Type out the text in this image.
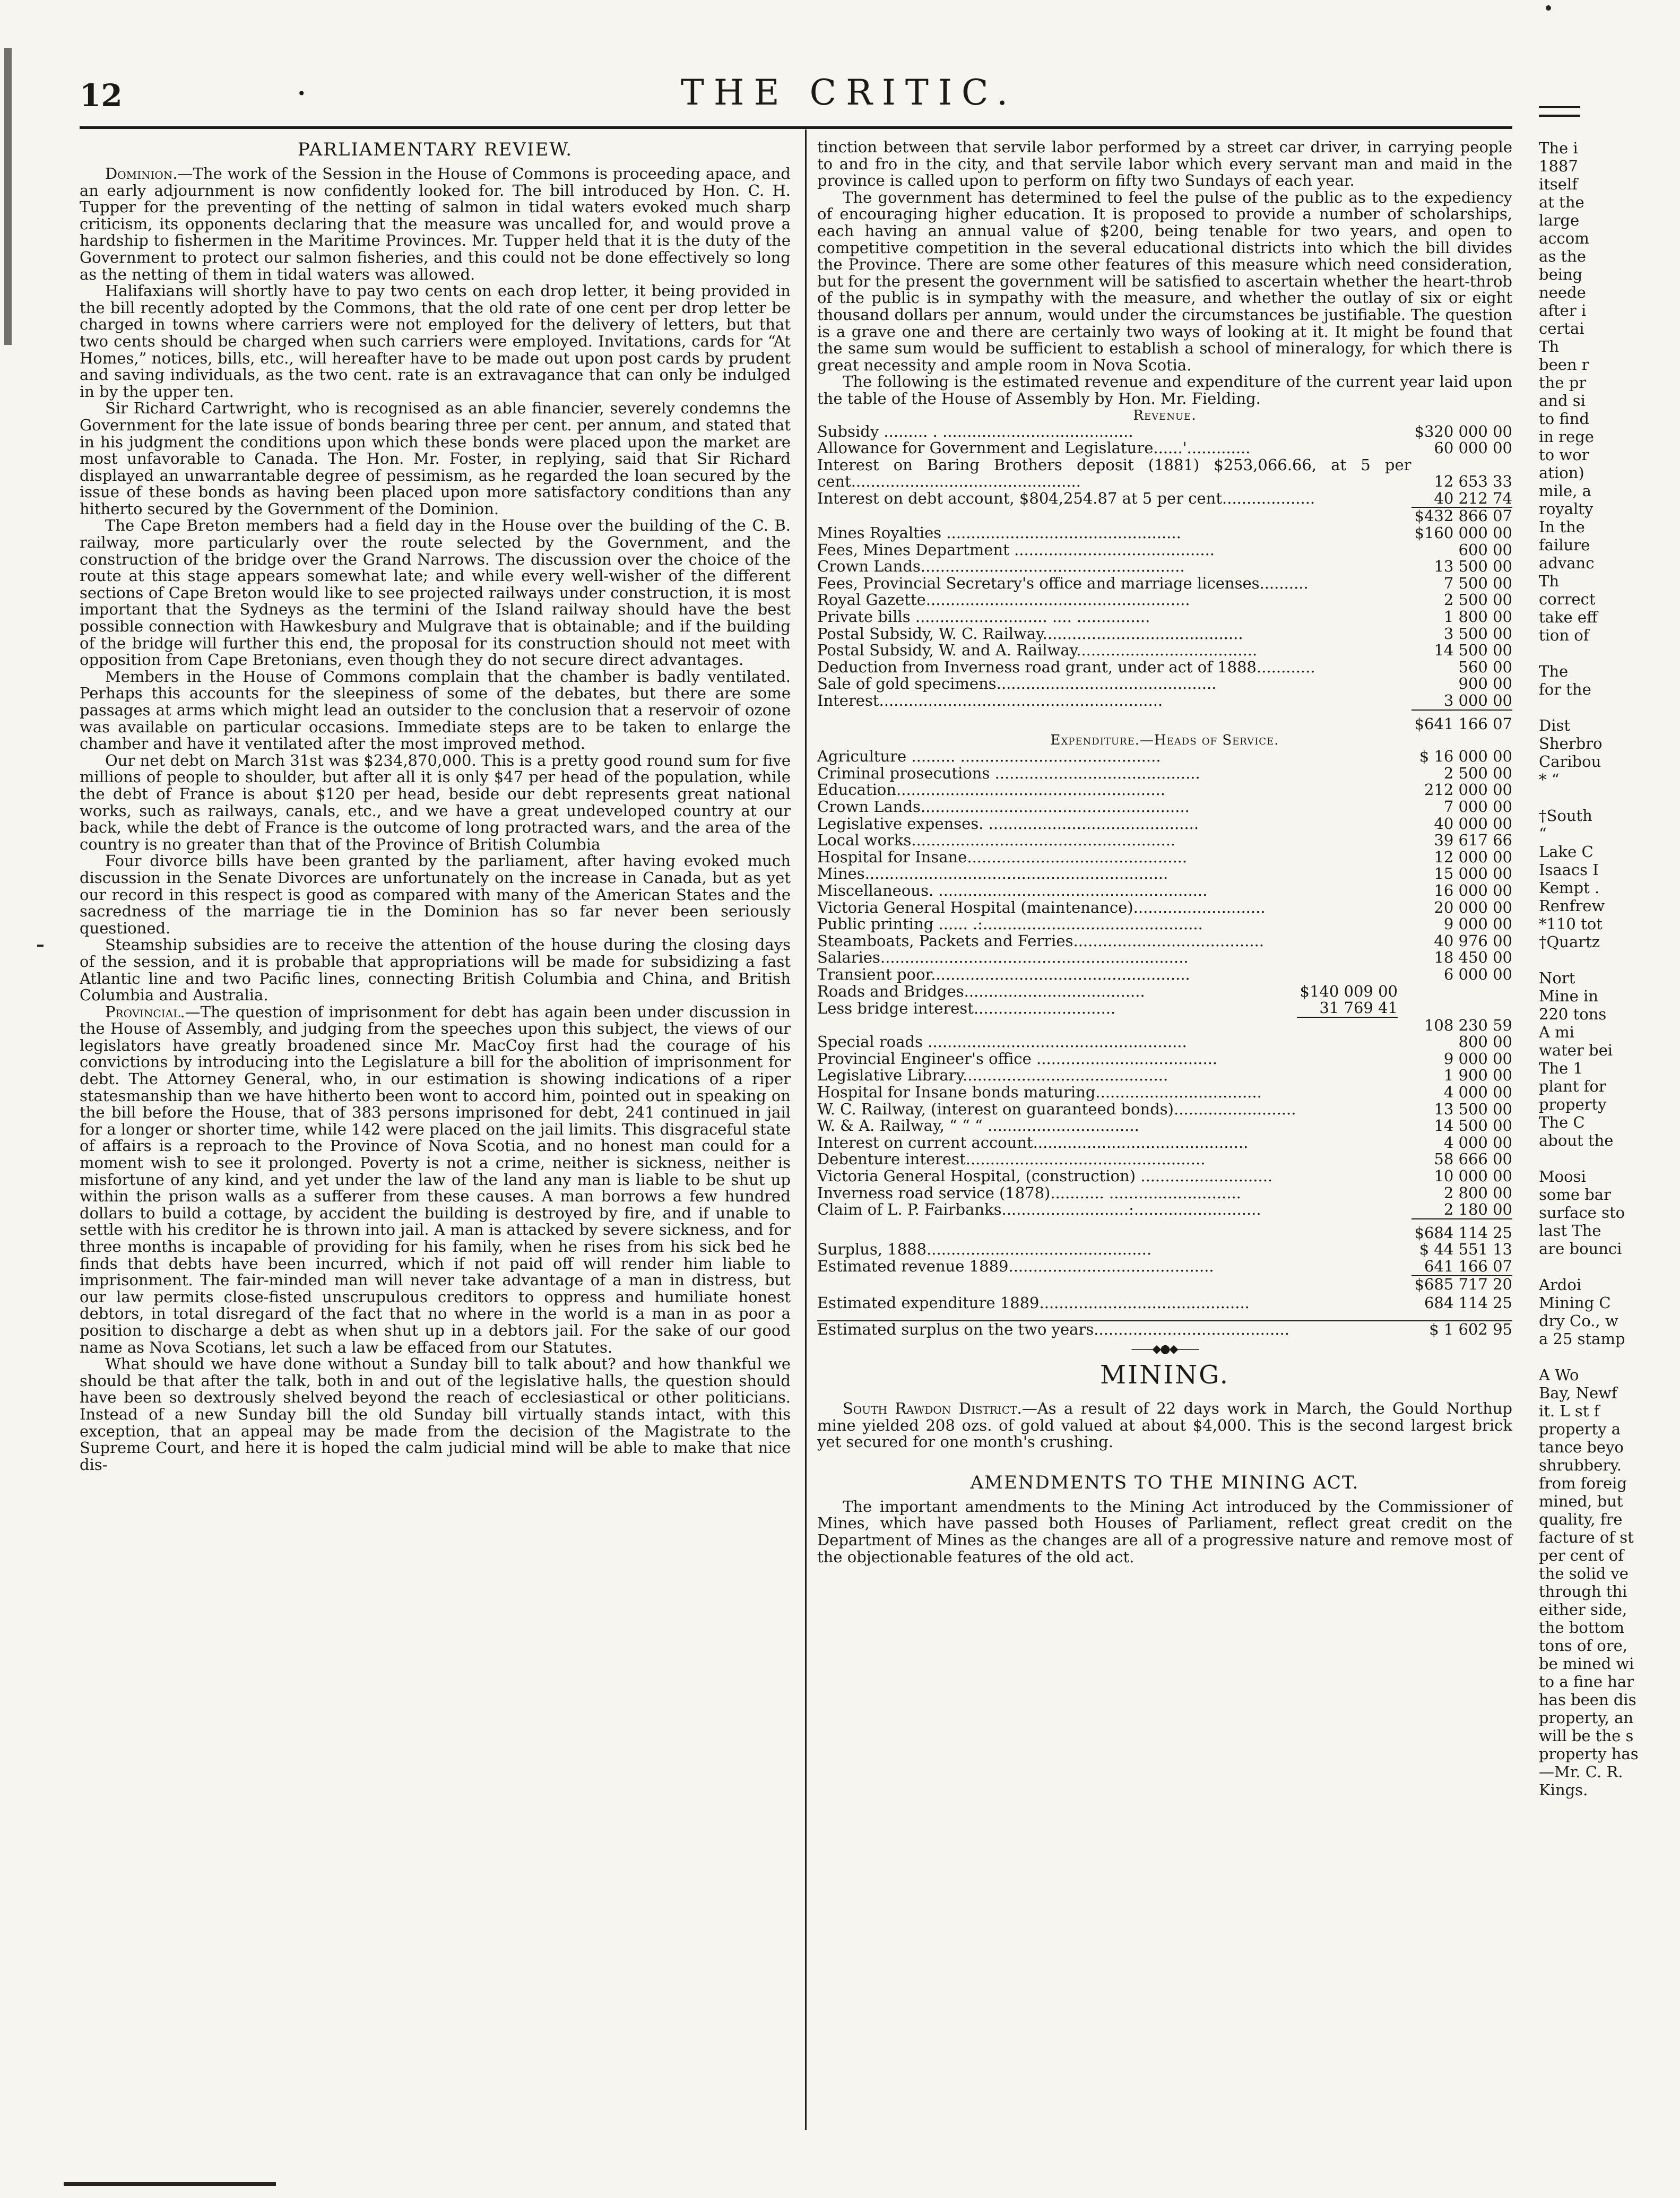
12	•	THE CRITIC.
PARLIAMENTARY REVIEW.

Dominion.—The work of the Session in the House of Commons is proceeding apace, and an early adjournment is now confidently looked for. The bill introduced by Hon. C. H. Tupper for the preventing of the netting of salmon in tidal waters evoked much sharp criticism, its opponents declaring that the measure was uncalled for, and would prove a hardship to fishermen in the Maritime Provinces. Mr. Tupper held that it is the duty of the Government to protect our salmon fisheries, and this could not be done effectively so long as the netting of them in tidal waters was allowed.

Halifaxians will shortly have to pay two cents on each drop letter, it being provided in the bill recently adopted by the Commons, that the old rate of one cent per drop letter be charged in towns where carriers were not employed for the delivery of letters, but that two cents should be charged when such carriers were employed. Invitations, cards for “At Homes,” notices, bills, etc., will hereafter have to be made out upon post cards by prudent and saving individuals, as the two cent. rate is an extravagance that can only be indulged in by the upper ten.

Sir Richard Cartwright, who is recognised as an able financier, severely condemns the Government for the late issue of bonds bearing three per cent. per annum, and stated that in his judgment the conditions upon which these bonds were placed upon the market are most unfavorable to Canada. The Hon. Mr. Foster, in replying, said that Sir Richard displayed an unwarrantable degree of pessimism, as he regarded the loan secured by the issue of these bonds as having been placed upon more satisfactory conditions than any hitherto secured by the Government of the Dominion.

The Cape Breton members had a field day in the House over the building of the C. B. railway, more particularly over the route selected by the Government, and the construction of the bridge over the Grand Narrows. The discussion over the choice of the route at this stage appears somewhat late; and while every well-wisher of the different sections of Cape Breton would like to see projected railways under construction, it is most important that the Sydneys as the termini of the Island railway should have the best possible connection with Hawkesbury and Mulgrave that is obtainable; and if the building of the bridge will further this end, the proposal for its construction should not meet with opposition from Cape Bretonians, even though they do not secure direct advantages.

Members in the House of Commons complain that the chamber is badly ventilated. Perhaps this accounts for the sleepiness of some of the debates, but there are some passages at arms which might lead an outsider to the conclusion that a reservoir of ozone was available on particular occasions. Immediate steps are to be taken to enlarge the chamber and have it ventilated after the most improved method.

Our net debt on March 31st was $234,870,000. This is a pretty good round sum for five millions of people to shoulder, but after all it is only $47 per head of the population, while the debt of France is about $120 per head, beside our debt represents great national works, such as railways, canals, etc., and we have a great undeveloped country at our back, while the debt of France is the outcome of long protracted wars, and the area of the country is no greater than that of the Province of British Columbia

Four divorce bills have been granted by the parliament, after having evoked much discussion in the Senate Divorces are unfortunately on the increase in Canada, but as yet our record in this respect is good as compared with many of the American States and the sacredness of the marriage tie in the Dominion has so far never been seriously questioned.

Steamship subsidies are to receive the attention of the house during the closing days of the session, and it is probable that appropriations will be made for subsidizing a fast Atlantic line and two Pacific lines, connecting British Columbia and China, and British Columbia and Australia.

Provincial.—The question of imprisonment for debt has again been under discussion in the House of Assembly, and judging from the speeches upon this subject, the views of our legislators have greatly broadened since Mr. MacCoy first had the courage of his convictions by introducing into the Legislature a bill for the abolition of imprisonment for debt. The Attorney General, who, in our estimation is showing indications of a riper statesmanship than we have hitherto been wont to accord him, pointed out in speaking on the bill before the House, that of 383 persons imprisoned for debt, 241 continued in jail for a longer or shorter time, while 142 were placed on the jail limits. This disgraceful state of affairs is a reproach to the Province of Nova Scotia, and no honest man could for a moment wish to see it prolonged. Poverty is not a crime, neither is sickness, neither is misfortune of any kind, and yet under the law of the land any man is liable to be shut up within the prison walls as a sufferer from these causes. A man borrows a few hundred dollars to build a cottage, by accident the building is destroyed by fire, and if unable to settle with his creditor he is thrown into jail. A man is attacked by severe sickness, and for three months is incapable of providing for his family, when he rises from his sick bed he finds that debts have been incurred, which if not paid off will render him liable to imprisonment. The fair-minded man will never take advantage of a man in distress, but our law permits close-fisted unscrupulous creditors to oppress and humiliate honest debtors, in total disregard of the fact that no where in the world is a man in as poor a position to discharge a debt as when shut up in a debtors jail. For the sake of our good name as Nova Scotians, let such a law be effaced from our Statutes.

What should we have done without a Sunday bill to talk about? and how thankful we should be that after the talk, both in and out of the legislative halls, the question should have been so dextrously shelved beyond the reach of ecclesiastical or other politicians. Instead of a new Sunday bill the old Sunday bill virtually stands intact, with this exception, that an appeal may be made from the decision of the Magistrate to the Supreme Court, and here it is hoped the calm judicial mind will be able to make that nice dis-

tinction between that servile labor performed by a street car driver, in carrying people to and fro in the city, and that servile labor which every servant man and maid in the province is called upon to perform on fifty two Sundays of each year.

The government has determined to feel the pulse of the public as to the expediency of encouraging higher education. It is proposed to provide a number of scholarships, each having an annual value of $200, being tenable for two years, and open to competitive competition in the several educational districts into which the bill divides the Province. There are some other features of this measure which need consideration, but for the present the government will be satisfied to ascertain whether the heart-throb of the public is in sympathy with the measure, and whether the outlay of six or eight thousand dollars per annum, would under the circumstances be justifiable. The question is a grave one and there are certainly two ways of looking at it. It might be found that the same sum would be sufficient to establish a school of mineralogy, for which there is great necessity and ample room in Nova Scotia.

The following is the estimated revenue and expenditure of the current year laid upon the table of the House of Assembly by Hon. Mr. Fielding.

Revenue.
Subsidy ......... . .......................................	$320 000 00
Allowance for Government and Legislature......'.............	60 000 00
Interest on Baring Brothers deposit (1881) $253,066.66, at 5 per cent...............................................	12 653 33
Interest on debt account, $804,254.87 at 5 per cent...................	40 212 74
	$432 866 07
Mines Royalties ................................................	$160 000 00
Fees, Mines Department .........................................	600 00
Crown Lands......................................................	13 500 00
Fees, Provincial Secretary's office and marriage licenses..........	7 500 00
Royal Gazette......................................................	2 500 00
Private bills ........................... .... ...............	1 800 00
Postal Subsidy, W. C. Railway.........................................	3 500 00
Postal Subsidy, W. and A. Railway.....................................	14 500 00
Deduction from Inverness road grant, under act of 1888............	560 00
Sale of gold specimens.............................................	900 00
Interest..........................................................	3 000 00
	$641 166 07
Expenditure.—Heads of Service.
Agriculture ......... .........................................	$ 16 000 00
Criminal prosecutions ..........................................	2 500 00
Education.......................................................	212 000 00
Crown Lands.......................................................	7 000 00
Legislative expenses. ...........................................	40 000 00
Local works......................................................	39 617 66
Hospital for Insane.............................................	12 000 00
Mines..............................................................	15 000 00
Miscellaneous. .......................................................	16 000 00
Victoria General Hospital (maintenance)...........................	20 000 00
Public printing ...... .:.............................................	9 000 00
Steamboats, Packets and Ferries.......................................	40 976 00
Salaries...............................................................	18 450 00
Transient poor.....................................................	6 000 00
Roads and Bridges.....................................	$140 009 00	
Less bridge interest.............................	31 769 41	
		108 230 59
Special roads .....................................................	800 00
Provincial Engineer's office .....................................	9 000 00
Legislative Library..........................................	1 900 00
Hospital for Insane bonds maturing..................................	4 000 00
W. C. Railway, (interest on guaranteed bonds).........................	13 500 00
W. & A. Railway, “ “ “ ...............................	14 500 00
Interest on current account............................................	4 000 00
Debenture interest.................................................	58 666 00
Victoria General Hospital, (construction) ...........................	10 000 00
Inverness road service (1878)........... ...........................	2 800 00
Claim of L. P. Fairbanks..........................:..........................	2 180 00
	$684 114 25
Surplus, 1888..............................................	$ 44 551 13
Estimated revenue 1889..........................................	641 166 07
	$685 717 20
Estimated expenditure 1889...........................................	684 114 25
Estimated surplus on the two years........................................	$ 1 602 95
——◆●◆——
MINING.

South Rawdon District.—As a result of 22 days work in March, the Gould Northup mine yielded 208 ozs. of gold valued at about $4,000. This is the second largest brick yet secured for one month's crushing.

AMENDMENTS TO THE MINING ACT.

The important amendments to the Mining Act introduced by the Commissioner of Mines, which have passed both Houses of Parliament, reflect great credit on the Department of Mines as the changes are all of a progressive nature and remove most of the objectionable features of the old act.

The i
1887
itself
at the
large
accom
as the
being
neede
after i
certai
Th
been r
the pr
and si
to find
in rege
to wor
ation)
mile, a
royalty
In the
failure
advanc
Th
correct
take eff
tion of
The
for the
Dist
Sherbro
Caribou
* “
†South
“
Lake C
Isaacs I
Kempt .
Renfrew
*110 tot
†Quartz
Nort
Mine in
220 tons
A mi
water bei
The 1
plant for
property
The C
about the
Moosi
some bar
surface sto
last The
are bounci
Ardoi
Mining C
dry Co., w
a 25 stamp
A Wo
Bay, Newf
it. L st f
property a
tance beyo
shrubbery.
from foreig
mined, but
quality, fre
facture of st
per cent of
the solid ve
through thi
either side,
the bottom
tons of ore,
be mined wi
to a fine har
has been dis
property, an
will be the s
property has
—Mr. C. R.
Kings.
